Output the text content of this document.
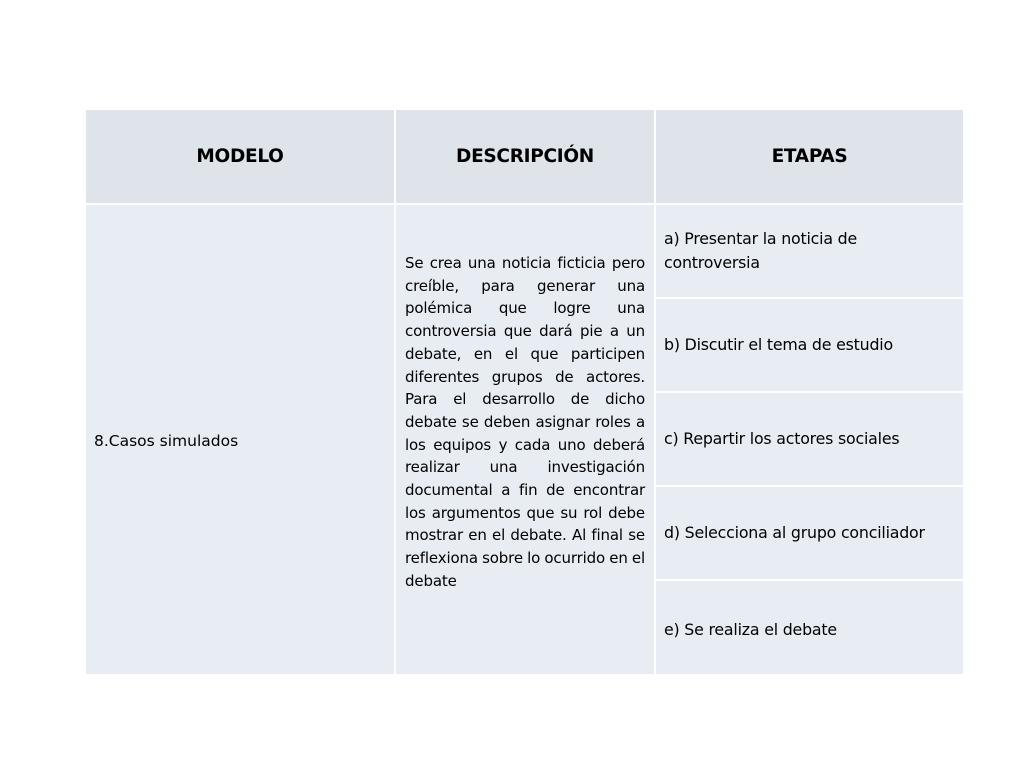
MODELO	DESCRIPCIÓN	ETAPAS

8.Casos simulados	Se crea una noticia ficticia pero creíble, para generar una polémica que logre una controversia que dará pie a un debate, en el que participen diferentes grupos de actores. Para el desarrollo de dicho debate se deben asignar roles a los equipos y cada uno deberá realizar una investigación documental a fin de encontrar los argumentos que su rol debe mostrar en el debate. Al final se reflexiona sobre lo ocurrido en el debate	a) Presentar la noticia de controversia

		b) Discutir el tema de estudio

		c) Repartir los actores sociales

		d) Selecciona al grupo conciliador

		e) Se realiza el debate
